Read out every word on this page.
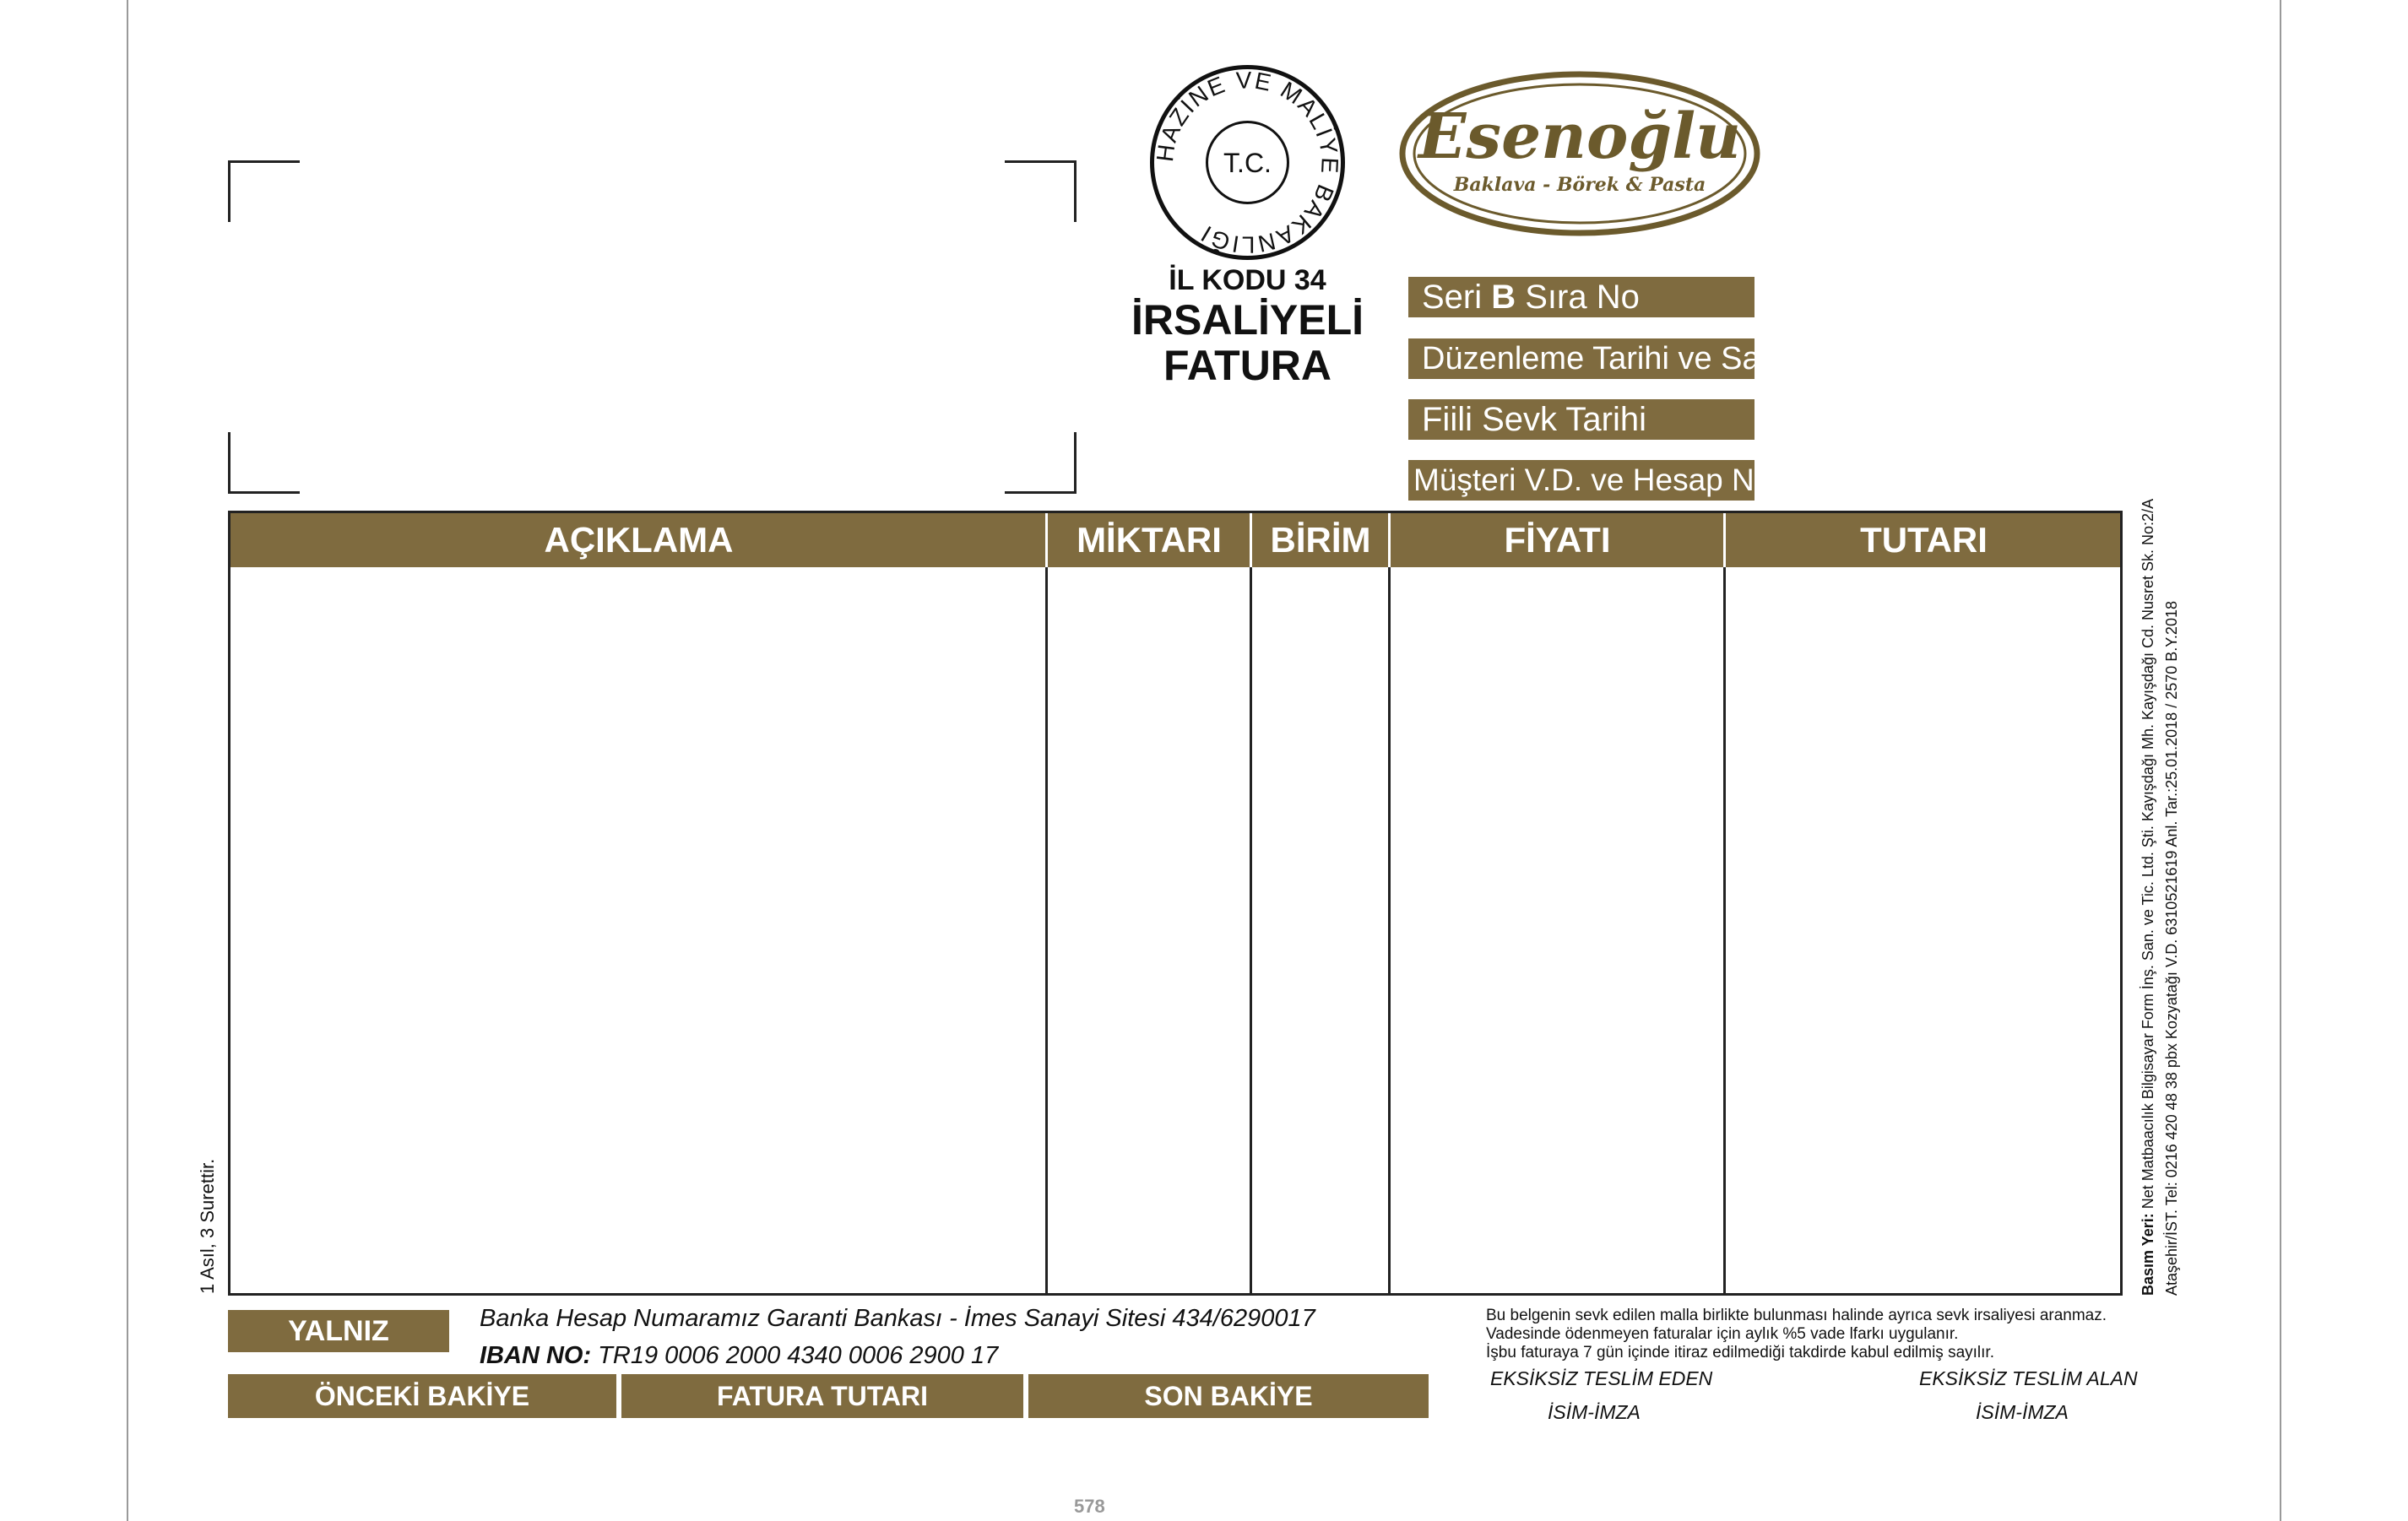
HAZİNE VE MALİYE BAKANLIĞI
T.C.
İL KODU 34
İRSALİYELİ
FATURA
Esenoğlu
Baklava - Börek & Pasta
Seri B Sıra No
Düzenleme Tarihi ve Saati
Fiili Sevk Tarihi
Müşteri V.D. ve Hesap No
AÇIKLAMA	MİKTARI	BİRİM	FİYATI	TUTARI
1 Asıl, 3 Surettir.	Basım Yeri: Net Matbaacılık Bilgisayar Form İnş. San. ve Tic. Ltd. Şti. Kayışdağı Mh. Kayışdağı Cd. Nusret Sk. No:2/A Ataşehir/İST. Tel: 0216 420 48 38 pbx Kozyatağı V.D. 6310521619 Anl. Tar.:25.01.2018 / 2570 B.Y.2018
YALNIZ	Banka Hesap Numaramız Garanti Bankası - İmes Sanayi Sitesi 434/6290017
IBAN NO: TR19 0006 2000 4340 0006 2900 17
ÖNCEKİ BAKİYE	FATURA TUTARI	SON BAKİYE
Bu belgenin sevk edilen malla birlikte bulunması halinde ayrıca sevk irsaliyesi aranmaz.
Vadesinde ödenmeyen faturalar için aylık %5 vade lfarkı uygulanır.
İşbu faturaya 7 gün içinde itiraz edilmediği takdirde kabul edilmiş sayılır.
EKSİKSİZ TESLİM EDEN	EKSİKSİZ TESLİM ALAN
İSİM-İMZA	İSİM-İMZA
578
